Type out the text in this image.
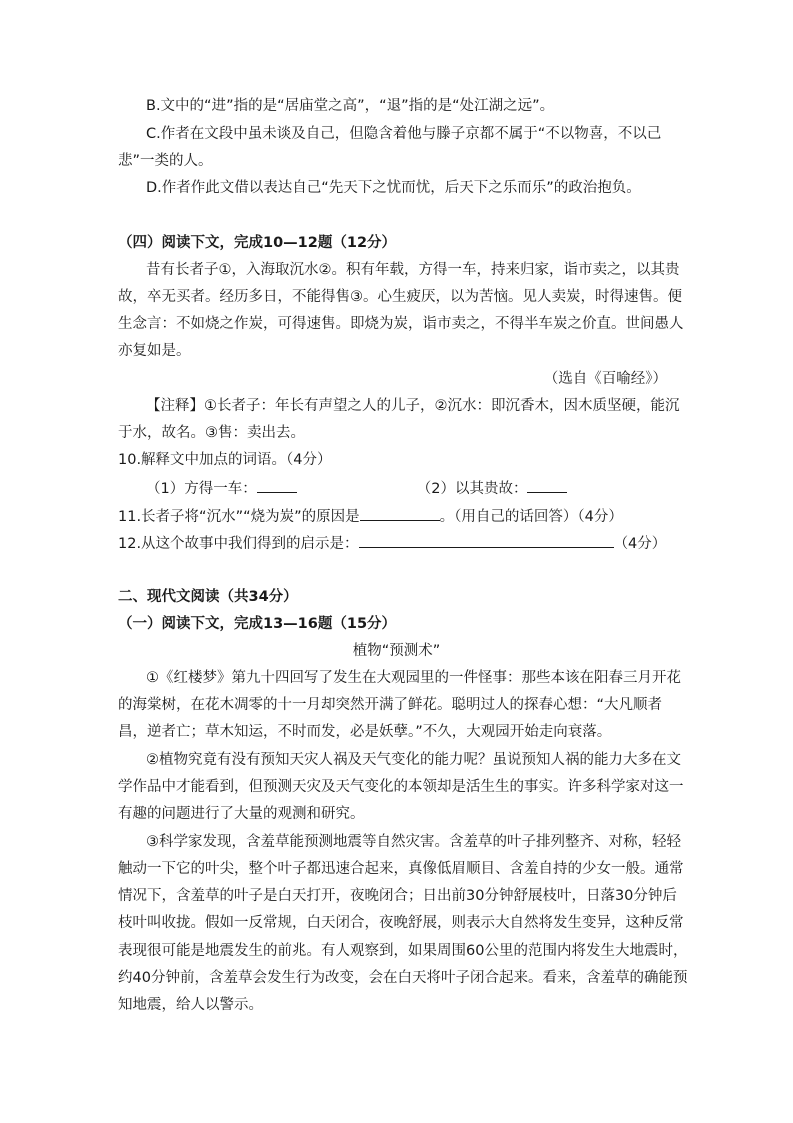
B.文中的“进”指的是“居庙堂之高”，“退”指的是“处江湖之远”。
C.作者在文段中虽未谈及自己，但隐含着他与滕子京都不属于“不以物喜，不以己
悲”一类的人。
D.作者作此文借以表达自己“先天下之忧而忧，后天下之乐而乐”的政治抱负。
（四）阅读下文，完成10—12题（12分）
昔有长者子①，入海取沉水②。积有年载，方得一车，持来归家，诣市卖之，以其贵
故，卒无买者。经历多日，不能得售③。心生疲厌，以为苦恼。见人卖炭，时得速售。便
生念言：不如烧之作炭，可得速售。即烧为炭，诣市卖之，不得半车炭之价直。世间愚人
亦复如是。
（选自《百喻经》）
【注释】①长者子：年长有声望之人的儿子，②沉水：即沉香木，因木质坚硬，能沉
于水，故名。③售：卖出去。
10.解释文中加点的词语。（4分）
（1）方得一车：	（2）以其贵故：
11.长者子将“沉水”“烧为炭”的原因是	。（用自己的话回答）（4分）
12.从这个故事中我们得到的启示是：	（4分）
二、现代文阅读（共34分）
（一）阅读下文，完成13—16题（15分）
植物“预测术”
①《红楼梦》第九十四回写了发生在大观园里的一件怪事：那些本该在阳春三月开花
的海棠树，在花木凋零的十一月却突然开满了鲜花。聪明过人的探春心想：“大凡顺者
昌，逆者亡；草木知运，不时而发，必是妖孽。”不久，大观园开始走向衰落。
②植物究竟有没有预知天灾人祸及天气变化的能力呢？虽说预知人祸的能力大多在文
学作品中才能看到，但预测天灾及天气变化的本领却是活生生的事实。许多科学家对这一
有趣的问题进行了大量的观测和研究。
③科学家发现，含羞草能预测地震等自然灾害。含羞草的叶子排列整齐、对称，轻轻
触动一下它的叶尖，整个叶子都迅速合起来，真像低眉顺目、含羞自持的少女一般。通常
情况下，含羞草的叶子是白天打开，夜晚闭合；日出前30分钟舒展枝叶，日落30分钟后
枝叶叫收拢。假如一反常规，白天闭合，夜晚舒展，则表示大自然将发生变异，这种反常
表现很可能是地震发生的前兆。有人观察到，如果周围60公里的范围内将发生大地震时，
约40分钟前，含羞草会发生行为改变，会在白天将叶子闭合起来。看来，含羞草的确能预
知地震，给人以警示。
